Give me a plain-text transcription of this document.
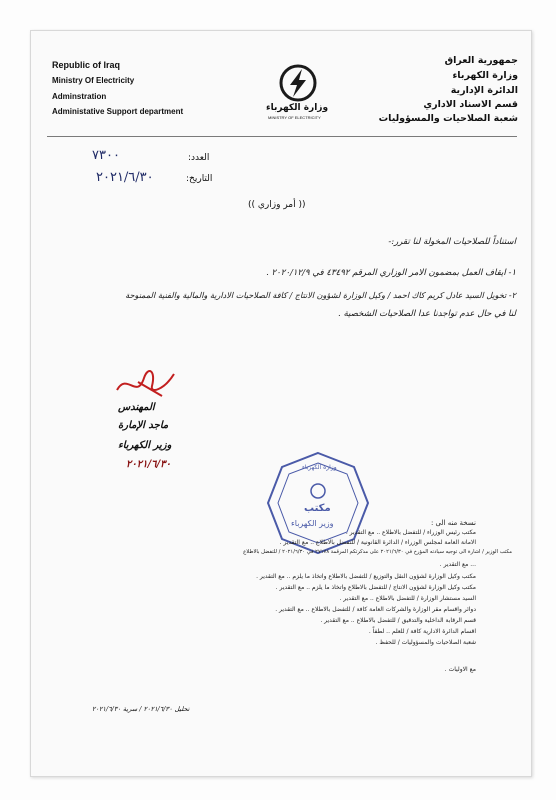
Republic of Iraq
Ministry Of Electricity
Adminstration
Administative Support department
جمهورية العراق
وزارة الكهرباء
الدائرة الإدارية
قسم الاسناد الاداري
شعبة الصلاحيات والمسؤوليات
وزارة الكهرباء
MINISTRY OF ELECTRICITY
العدد:
٧٣٠٠
التاريخ:
٢٠٢١/٦/٣٠
(( أمر وزاري ))
استناداً للصلاحيات المخولة لنا تقرر:-
١- ايقاف العمل بمضمون الامر الوزاري المرقم ٤٣٤٩٢ في ٢٠٢٠/١٢/٩ .
٢- تخويل السيد عادل كريم كاك احمد / وكيل الوزارة لشؤون الانتاج / كافة الصلاحيات الادارية والمالية والفنية الممنوحة
لنا في حال عدم تواجدنا عدا الصلاحيات الشخصية .
المهندس
ماجد الإمارة
وزير الكهرباء
٢٠٢١/٦/٣٠	وزارة الكهرباء
مكتب
وزير الكهرباء	نسخة منه الى :
مكتب رئيس الوزراء / للتفضل بالاطلاع .. مع التقدير .
الامانة العامة لمجلس الوزراء / الدائرة القانونية / للتفضل بالاطلاع .. مع التقدير .
مكتب الوزير / اشارة الى توجيه سيادته المؤرخ في ٢٠٢١/٦/٣٠ على مذكرتكم المرقمة ٢٧١٧٨ في ٢٠٢١/٦/٣٠ / للتفضل بالاطلاع
... مع التقدير .
مكتب وكيل الوزارة لشؤون النقل والتوزيع / للتفضل بالاطلاع واتخاذ ما يلزم .. مع التقدير .
مكتب وكيل الوزارة لشؤون الانتاج / للتفضل بالاطلاع واتخاذ ما يلزم .. مع التقدير .
السيد مستشار الوزارة / للتفضل بالاطلاع .. مع التقدير .
دوائر واقسام مقر الوزارة والشركات العامة كافة / للتفضل بالاطلاع .. مع التقدير .
قسم الرقابة الداخلية والتدقيق / للتفضل بالاطلاع .. مع التقدير .
اقسام الدائرة الادارية كافة / للعلم .. لطفاً .
شعبة الصلاحيات والمسؤوليات / للحفظ .
مع الاوليات .
تحليل ٢٠٢١/٦/٣٠ / سرية ٢٠٢١/٦/٣٠
